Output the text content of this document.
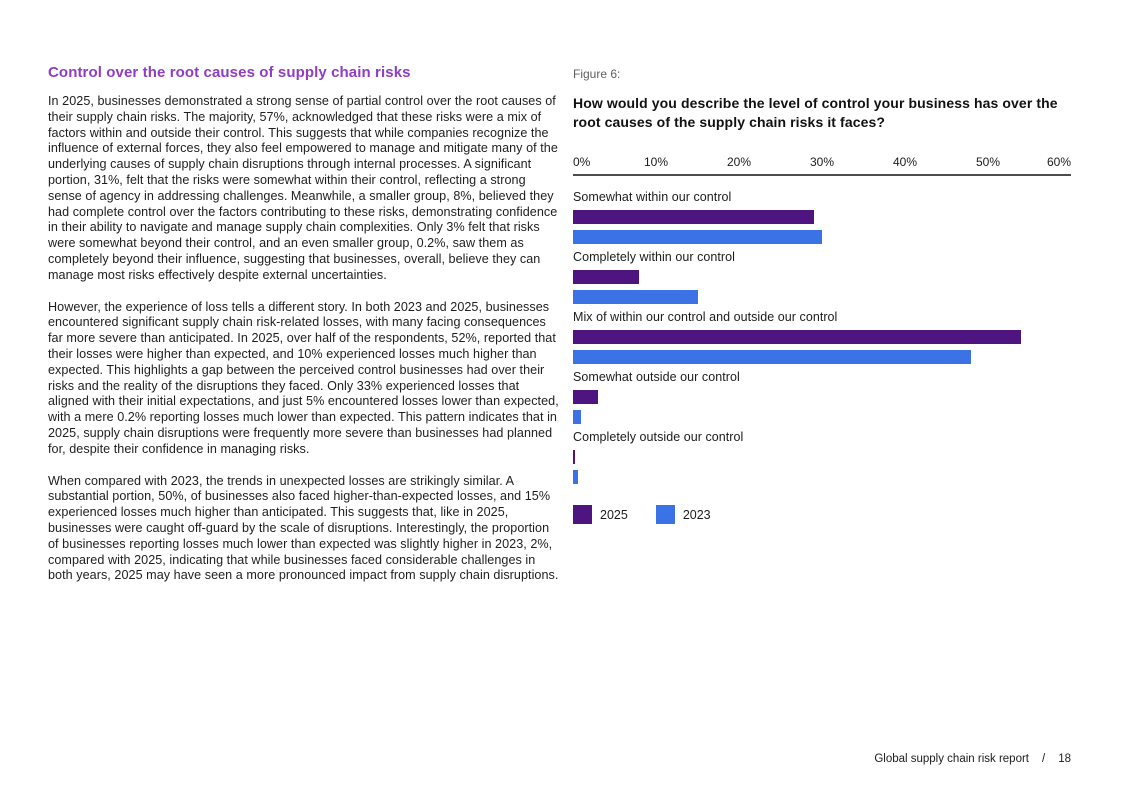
Control over the root causes of supply chain risks

In 2025, businesses demonstrated a strong sense of partial control over the root causes of their supply chain risks. The majority, 57%, acknowledged that these risks were a mix of factors within and outside their control. This suggests that while companies recognize the influence of external forces, they also feel empowered to manage and mitigate many of the underlying causes of supply chain disruptions through internal processes. A significant portion, 31%, felt that the risks were somewhat within their control, reflecting a strong sense of agency in addressing challenges. Meanwhile, a smaller group, 8%, believed they had complete control over the factors contributing to these risks, demonstrating confidence in their ability to navigate and manage supply chain complexities. Only 3% felt that risks were somewhat beyond their control, and an even smaller group, 0.2%, saw them as completely beyond their influence, suggesting that businesses, overall, believe they can manage most risks effectively despite external uncertainties.

However, the experience of loss tells a different story. In both 2023 and 2025, businesses encountered significant supply chain risk-related losses, with many facing consequences far more severe than anticipated. In 2025, over half of the respondents, 52%, reported that their losses were higher than expected, and 10% experienced losses much higher than expected. This highlights a gap between the perceived control businesses had over their risks and the reality of the disruptions they faced. Only 33% experienced losses that aligned with their initial expectations, and just 5% encountered losses lower than expected, with a mere 0.2% reporting losses much lower than expected. This pattern indicates that in 2025, supply chain disruptions were frequently more severe than businesses had planned for, despite their confidence in managing risks.

When compared with 2023, the trends in unexpected losses are strikingly similar. A substantial portion, 50%, of businesses also faced higher-than-expected losses, and 15% experienced losses much higher than anticipated. This suggests that, like in 2025, businesses were caught off-guard by the scale of disruptions. Interestingly, the proportion of businesses reporting losses much lower than expected was slightly higher in 2023, 2%, compared with 2025, indicating that while businesses faced considerable challenges in both years, 2025 may have seen a more pronounced impact from supply chain disruptions.

Figure 6:
How would you describe the level of control your business has over the root causes of the supply chain risks it faces?
0%	10%	20%	30%	40%	50%	60%
Somewhat within our control
Completely within our control
Mix of within our control and outside our control
Somewhat outside our control
Completely outside our control
2025	2023
Global supply chain risk report / 18
